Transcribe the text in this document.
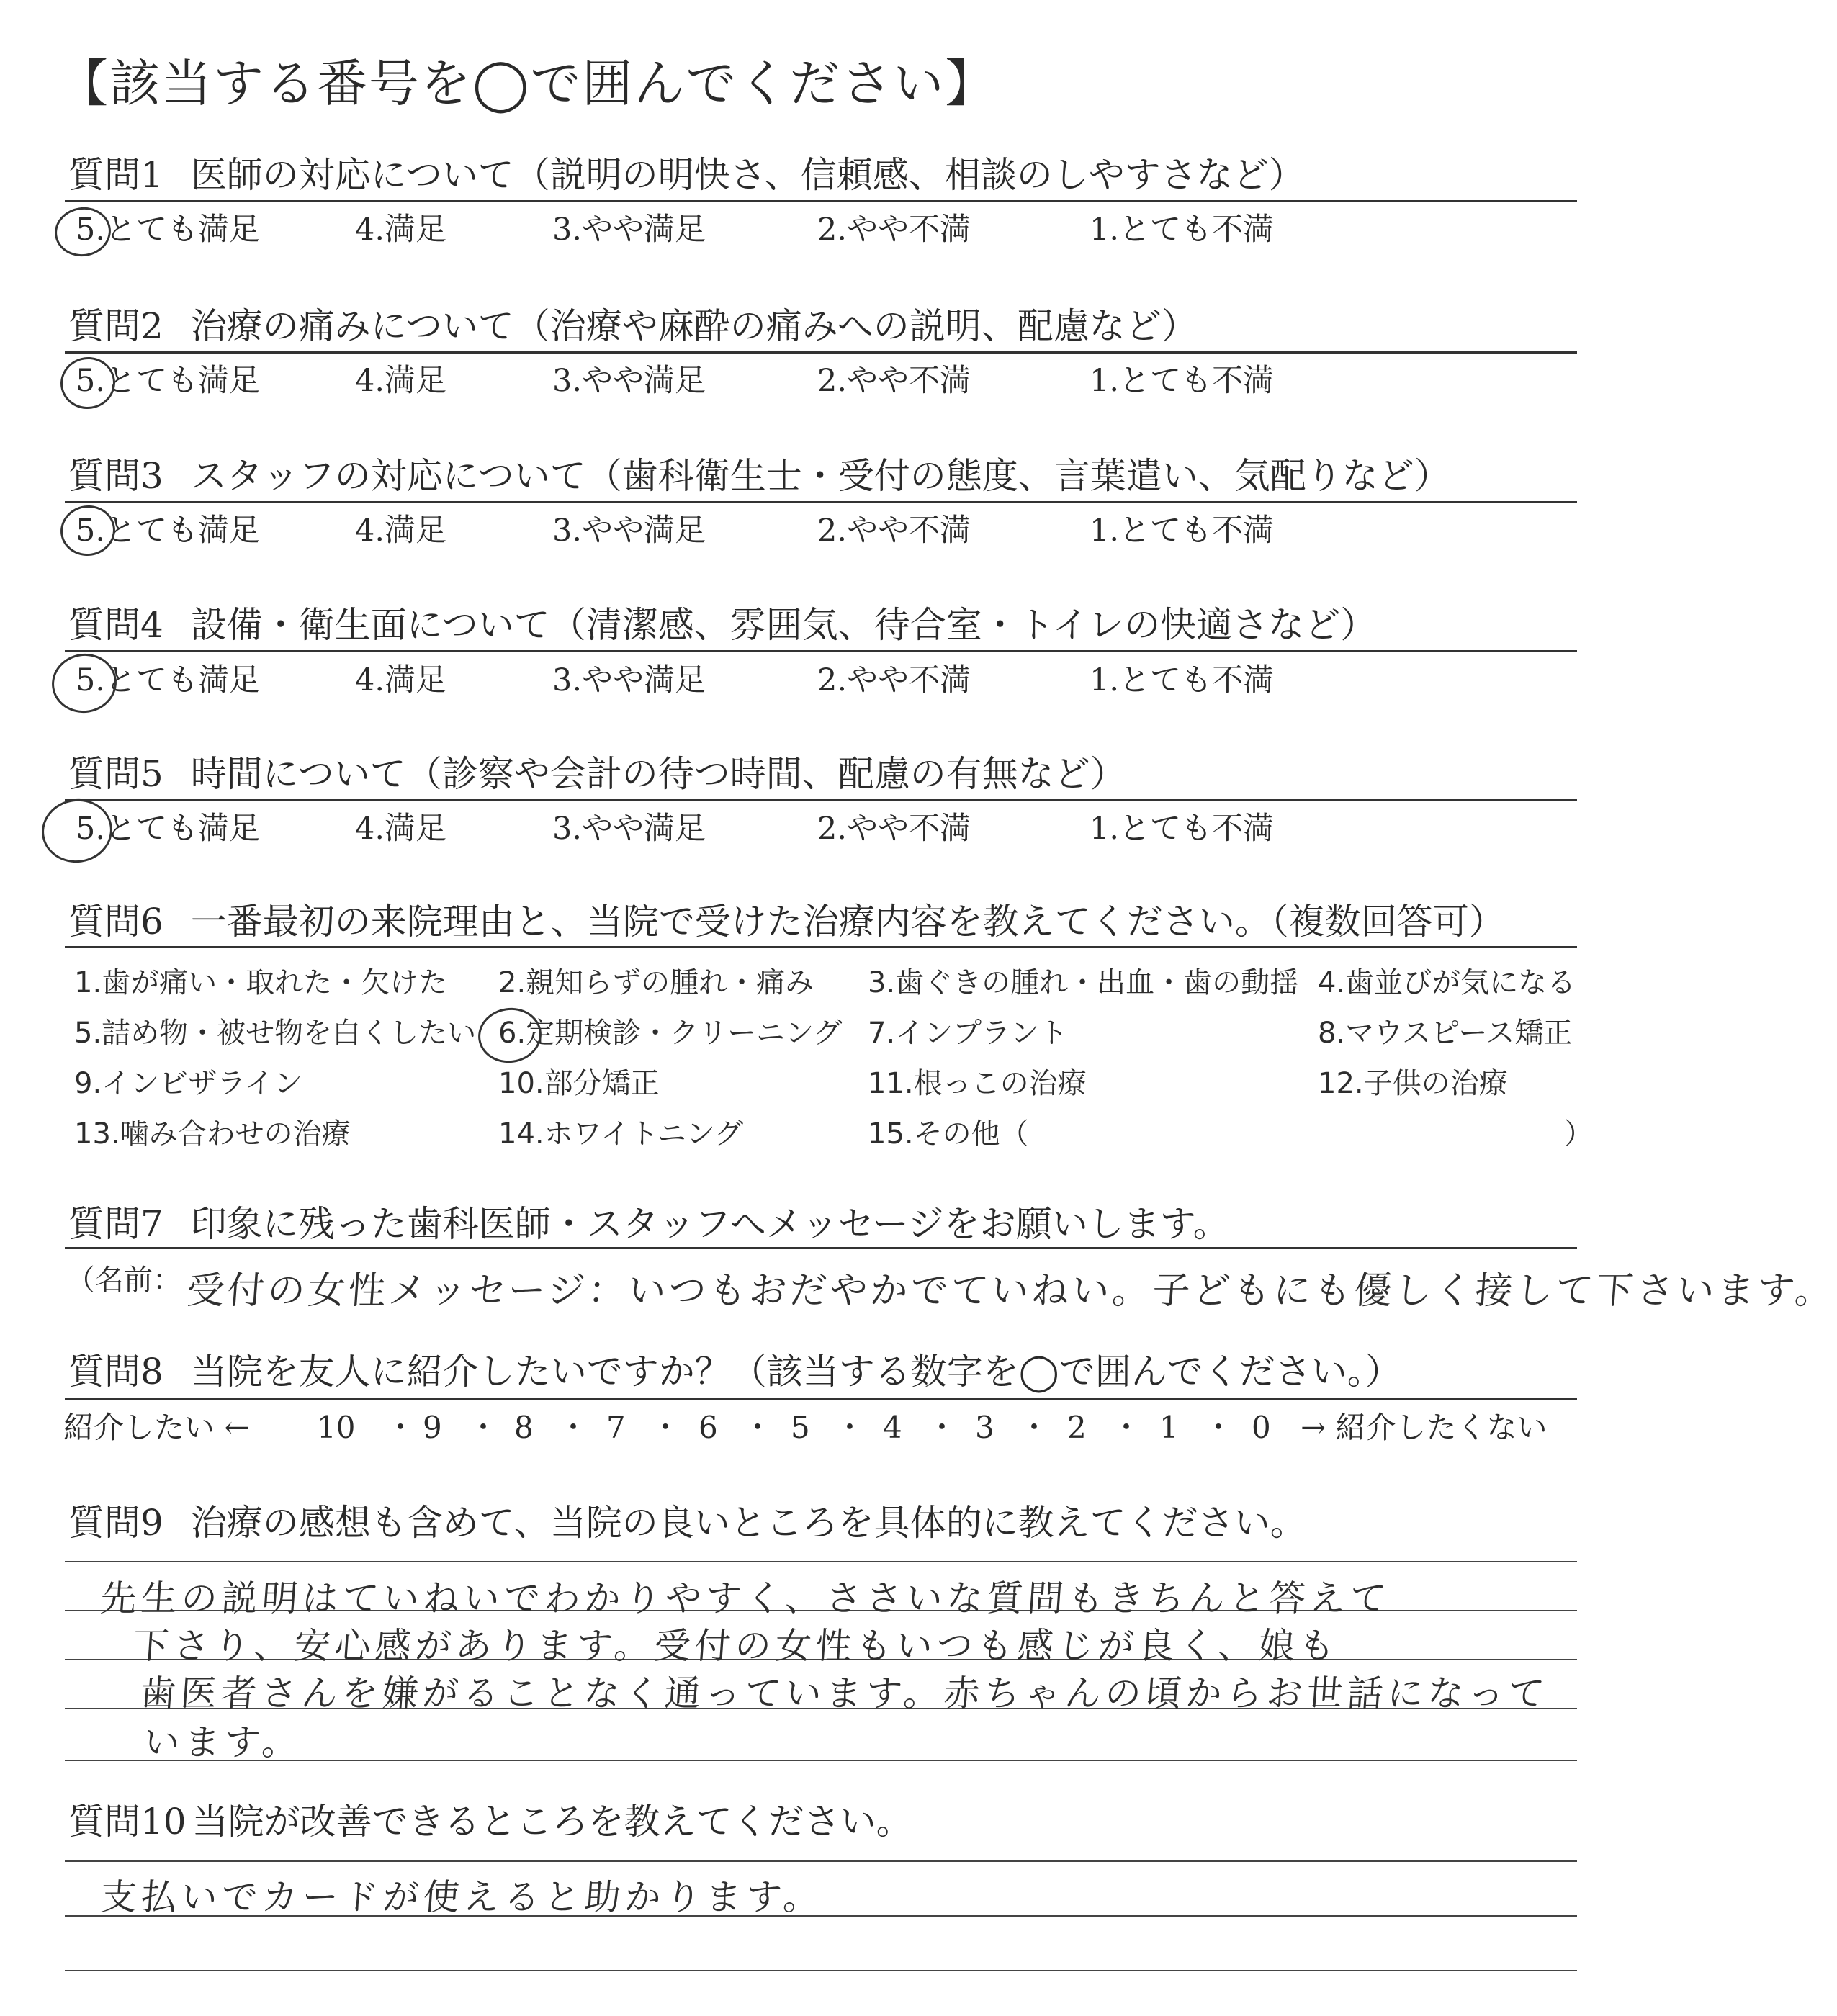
【該当する番号を◯で囲んでください】
質問1 医師の対応について（説明の明快さ、信頼感、相談のしやすさなど）
5.とても満足	4.満足	3.やや満足	2.やや不満	1.とても不満
質問2 治療の痛みについて（治療や麻酔の痛みへの説明、配慮など）
5.とても満足	4.満足	3.やや満足	2.やや不満	1.とても不満
質問3 スタッフの対応について（歯科衛生士・受付の態度、言葉遣い、気配りなど）
5.とても満足	4.満足	3.やや満足	2.やや不満	1.とても不満
質問4 設備・衛生面について（清潔感、雰囲気、待合室・トイレの快適さなど）
5.とても満足	4.満足	3.やや満足	2.やや不満	1.とても不満
質問5 時間について（診察や会計の待つ時間、配慮の有無など）
5.とても満足	4.満足	3.やや満足	2.やや不満	1.とても不満
質問6 一番最初の来院理由と、当院で受けた治療内容を教えてください。（複数回答可）
1.歯が痛い・取れた・欠けた 2.親知らずの腫れ・痛み 3.歯ぐきの腫れ・出血・歯の動揺 4.歯並びが気になる
5.詰め物・被せ物を白くしたい 6.定期検診・クリーニング 7.インプラント	8.マウスピース矯正
9.インビザライン	10.部分矯正	11.根っこの治療	12.子供の治療
13.噛み合わせの治療	14.ホワイトニング	15.その他（	）
質問7 印象に残った歯科医師・スタッフへメッセージをお願いします。
（名前： 受付の女性メッセージ：いつもおだやかでていねい。子どもにも優しく接して下さいます。
質問8 当院を友人に紹介したいですか？（該当する数字を◯で囲んでください。）
紹介したい ← 10 ・ 9 ・ 8 ・ 7 ・ 6 ・ 5 ・ 4 ・ 3 ・ 2 ・ 1 ・ 0 → 紹介したくない
質問9 治療の感想も含めて、当院の良いところを具体的に教えてください。
先生の説明はていねいでわかりやすく、ささいな質問もきちんと答えて
下さり、安心感があります。受付の女性もいつも感じが良く、娘も
歯医者さんを嫌がることなく通っています。赤ちゃんの頃からお世話になって
います。
質問10 当院が改善できるところを教えてください。
支払いでカードが使えると助かります。
